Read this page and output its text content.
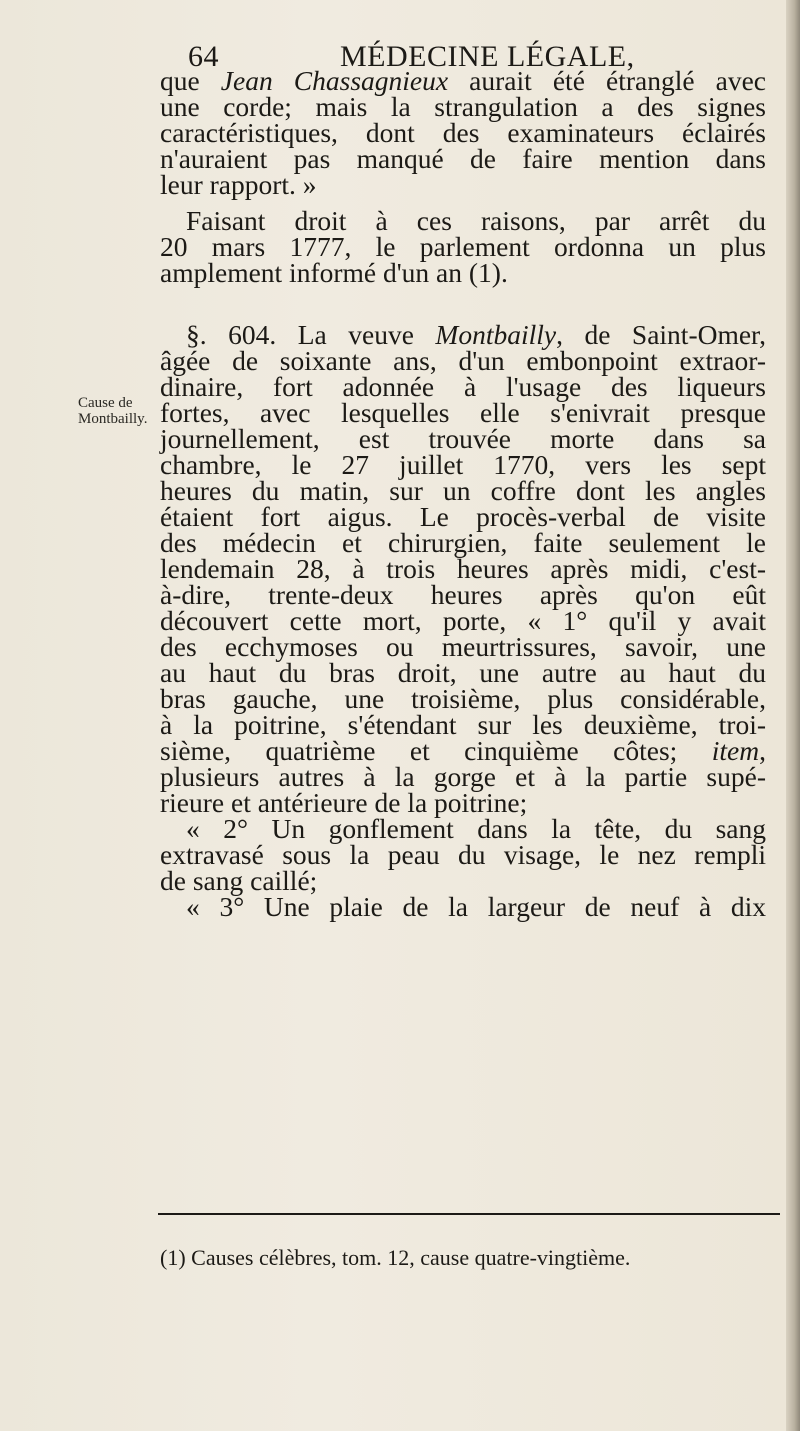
64	MÉDECINE LÉGALE,
Cause de
Montbailly.
que Jean Chassagnieux aurait été étranglé avec
une corde; mais la strangulation a des signes
caractéristiques, dont des examinateurs éclairés
n'auraient pas manqué de faire mention dans
leur rapport. »
Faisant droit à ces raisons, par arrêt du
20 mars 1777, le parlement ordonna un plus
amplement informé d'un an (1).
§. 604. La veuve Montbailly, de Saint-Omer,
âgée de soixante ans, d'un embonpoint extraor-
dinaire, fort adonnée à l'usage des liqueurs
fortes, avec lesquelles elle s'enivrait presque
journellement, est trouvée morte dans sa
chambre, le 27 juillet 1770, vers les sept
heures du matin, sur un coffre dont les angles
étaient fort aigus. Le procès-verbal de visite
des médecin et chirurgien, faite seulement le
lendemain 28, à trois heures après midi, c'est-
à-dire, trente-deux heures après qu'on eût
découvert cette mort, porte, « 1° qu'il y avait
des ecchymoses ou meurtrissures, savoir, une
au haut du bras droit, une autre au haut du
bras gauche, une troisième, plus considérable,
à la poitrine, s'étendant sur les deuxième, troi-
sième, quatrième et cinquième côtes; item,
plusieurs autres à la gorge et à la partie supé-
rieure et antérieure de la poitrine;
« 2° Un gonflement dans la tête, du sang
extravasé sous la peau du visage, le nez rempli
de sang caillé;
« 3° Une plaie de la largeur de neuf à dix
(1) Causes célèbres, tom. 12, cause quatre-vingtième.
